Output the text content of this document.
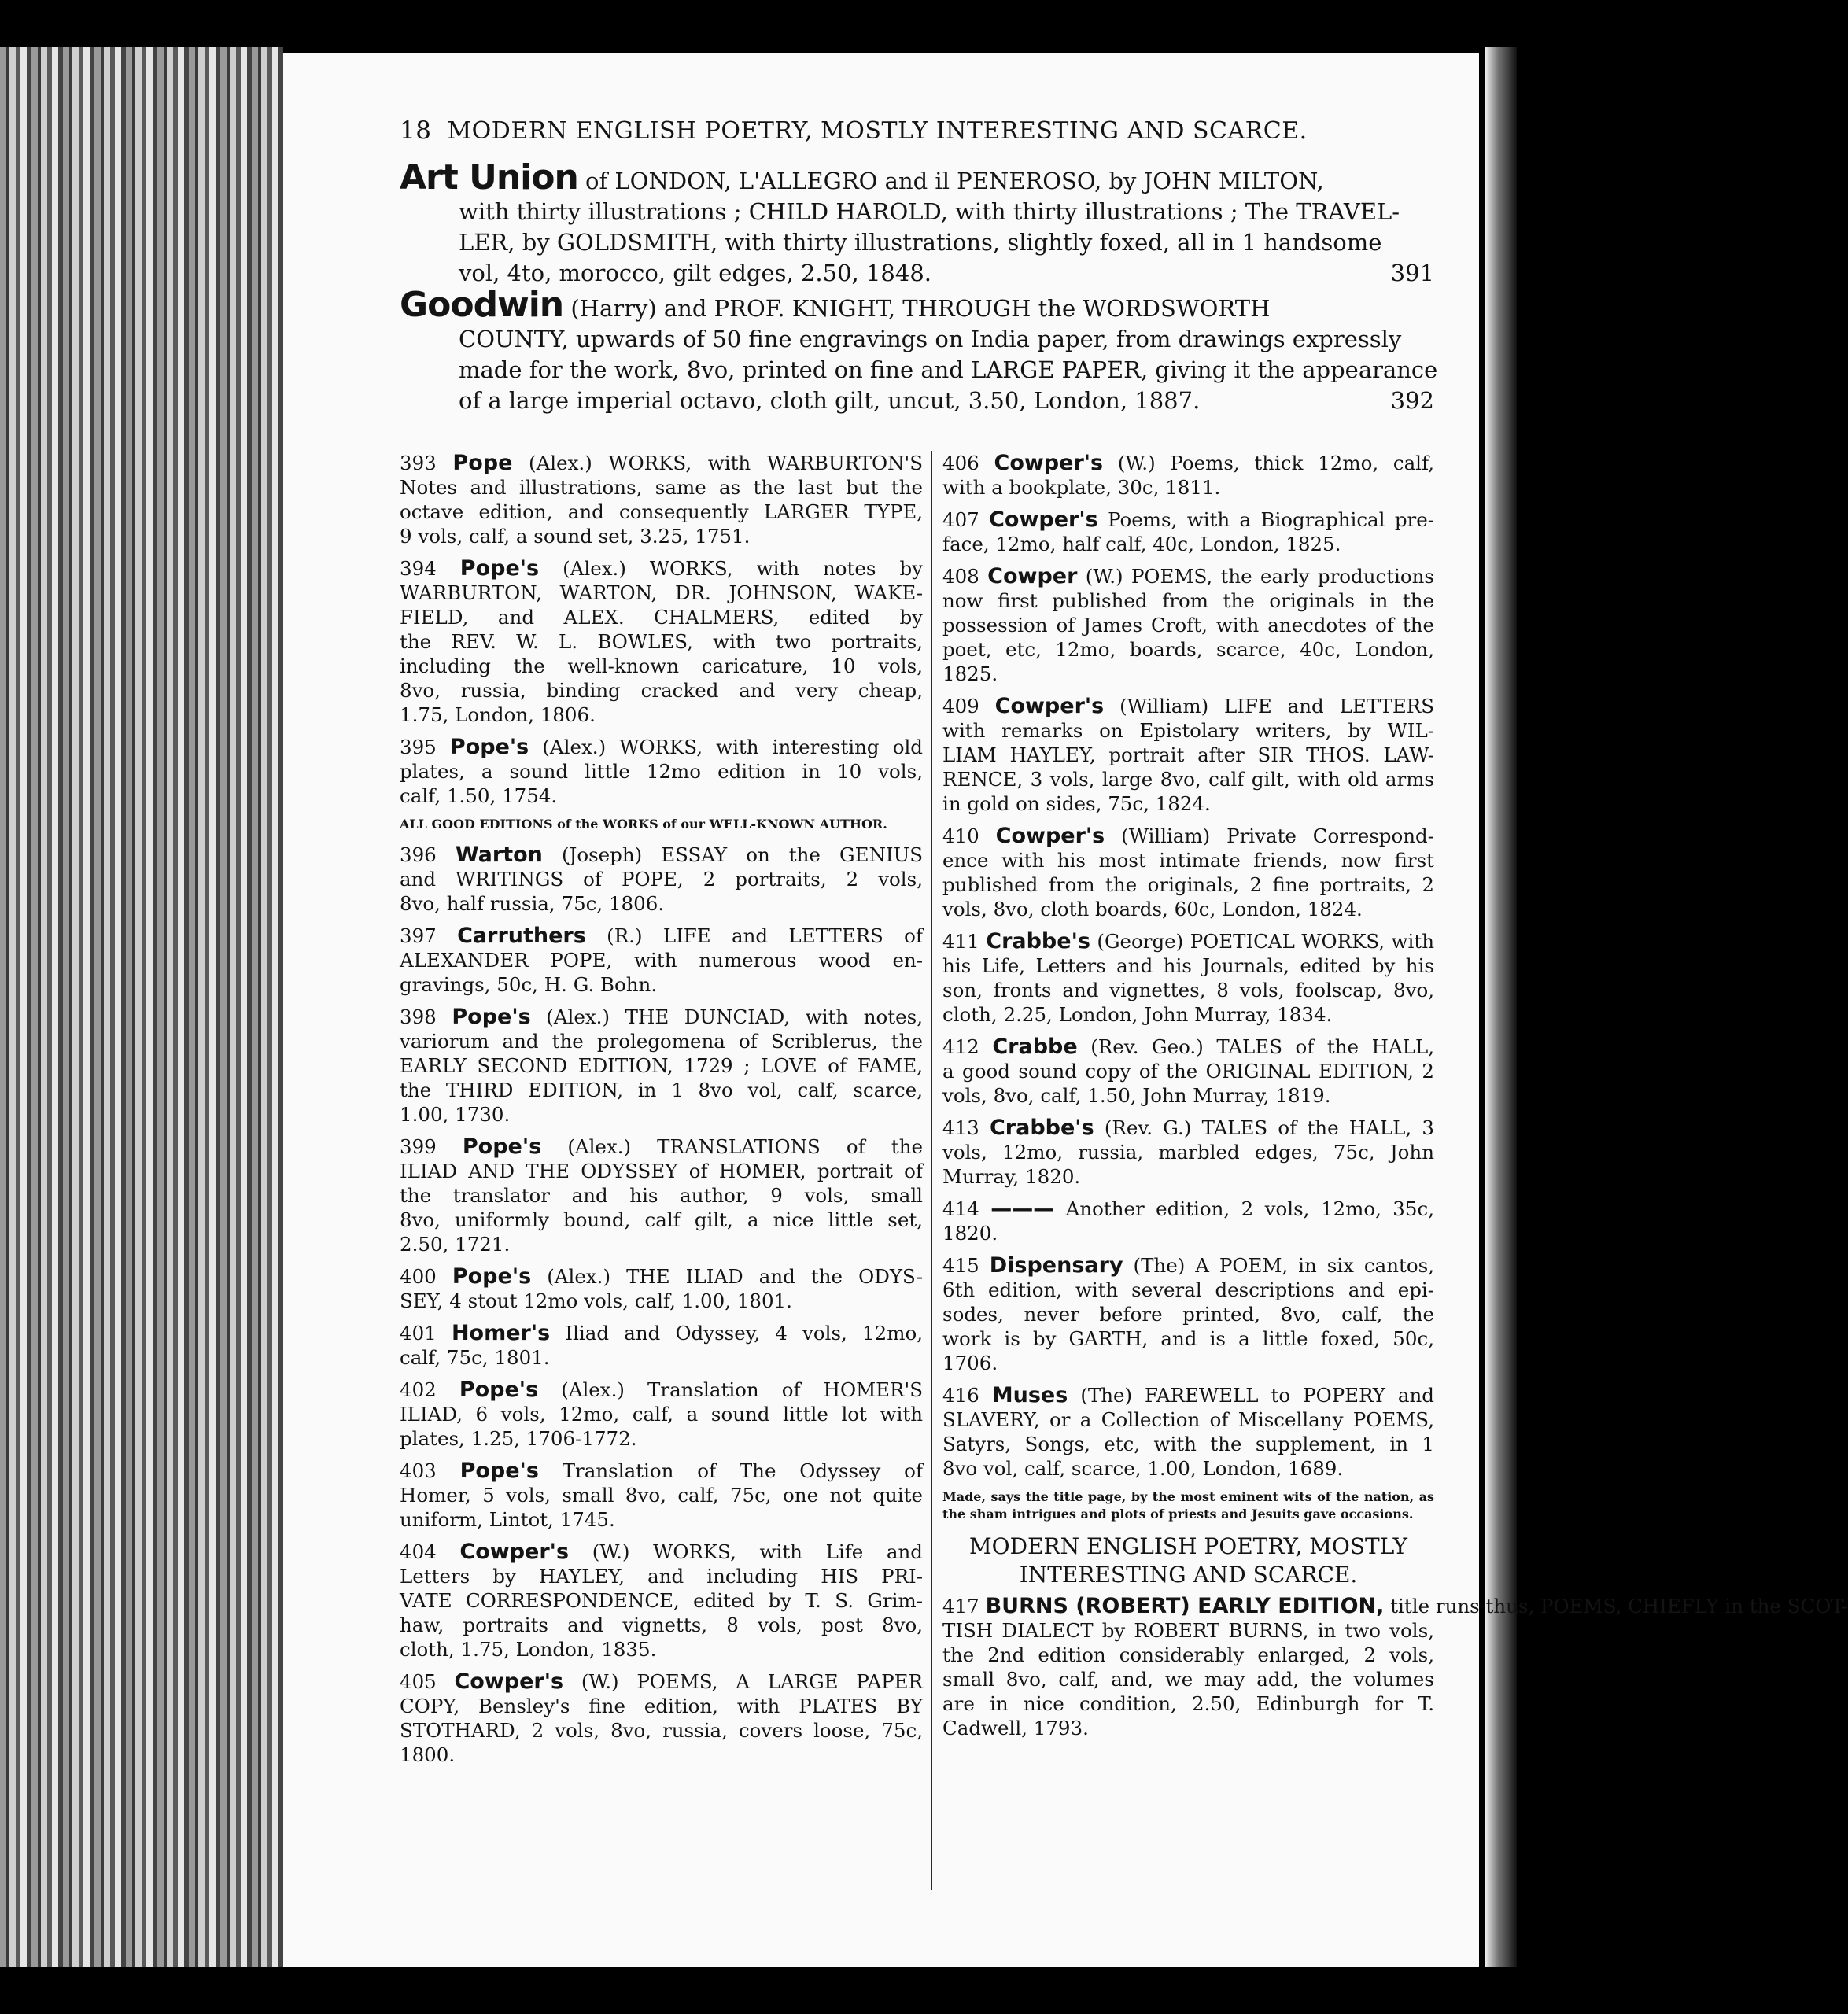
18 MODERN ENGLISH POETRY, MOSTLY INTERESTING AND SCARCE.
Art Union of LONDON, L'ALLEGRO and il PENEROSO, by JOHN MILTON,
with thirty illustrations ; CHILD HAROLD, with thirty illustrations ; The TRAVEL-
LER, by GOLDSMITH, with thirty illustrations, slightly foxed, all in 1 handsome
vol, 4to, morocco, gilt edges, 2.50, 1848.	391
Goodwin (Harry) and PROF. KNIGHT, THROUGH the WORDSWORTH
COUNTY, upwards of 50 fine engravings on India paper, from drawings expressly
made for the work, 8vo, printed on fine and LARGE PAPER, giving it the appearance
of a large imperial octavo, cloth gilt, uncut, 3.50, London, 1887.	392
393 Pope (Alex.) WORKS, with WARBURTON'S
Notes and illustrations, same as the last but the
octave edition, and consequently LARGER TYPE,
9 vols, calf, a sound set, 3.25, 1751.
394 Pope's (Alex.) WORKS, with notes by
WARBURTON, WARTON, DR. JOHNSON, WAKE-
FIELD, and ALEX. CHALMERS, edited by
the REV. W. L. BOWLES, with two portraits,
including the well-known caricature, 10 vols,
8vo, russia, binding cracked and very cheap,
1.75, London, 1806.
395 Pope's (Alex.) WORKS, with interesting old
plates, a sound little 12mo edition in 10 vols,
calf, 1.50, 1754.
ALL GOOD EDITIONS of the WORKS of our WELL-KNOWN AUTHOR.
396 Warton (Joseph) ESSAY on the GENIUS
and WRITINGS of POPE, 2 portraits, 2 vols,
8vo, half russia, 75c, 1806.
397 Carruthers (R.) LIFE and LETTERS of
ALEXANDER POPE, with numerous wood en-
gravings, 50c, H. G. Bohn.
398 Pope's (Alex.) THE DUNCIAD, with notes,
variorum and the prolegomena of Scriblerus, the
EARLY SECOND EDITION, 1729 ; LOVE of FAME,
the THIRD EDITION, in 1 8vo vol, calf, scarce,
1.00, 1730.
399 Pope's (Alex.) TRANSLATIONS of the
ILIAD AND THE ODYSSEY of HOMER, portrait of
the translator and his author, 9 vols, small
8vo, uniformly bound, calf gilt, a nice little set,
2.50, 1721.
400 Pope's (Alex.) THE ILIAD and the ODYS-
SEY, 4 stout 12mo vols, calf, 1.00, 1801.
401 Homer's Iliad and Odyssey, 4 vols, 12mo,
calf, 75c, 1801.
402 Pope's (Alex.) Translation of HOMER'S
ILIAD, 6 vols, 12mo, calf, a sound little lot with
plates, 1.25, 1706-1772.
403 Pope's Translation of The Odyssey of
Homer, 5 vols, small 8vo, calf, 75c, one not quite
uniform, Lintot, 1745.
404 Cowper's (W.) WORKS, with Life and
Letters by HAYLEY, and including HIS PRI-
VATE CORRESPONDENCE, edited by T. S. Grim-
haw, portraits and vignetts, 8 vols, post 8vo,
cloth, 1.75, London, 1835.
405 Cowper's (W.) POEMS, A LARGE PAPER
COPY, Bensley's fine edition, with PLATES BY
STOTHARD, 2 vols, 8vo, russia, covers loose, 75c,
1800.
406 Cowper's (W.) Poems, thick 12mo, calf,
with a bookplate, 30c, 1811.
407 Cowper's Poems, with a Biographical pre-
face, 12mo, half calf, 40c, London, 1825.
408 Cowper (W.) POEMS, the early productions
now first published from the originals in the
possession of James Croft, with anecdotes of the
poet, etc, 12mo, boards, scarce, 40c, London,
1825.
409 Cowper's (William) LIFE and LETTERS
with remarks on Epistolary writers, by WIL-
LIAM HAYLEY, portrait after SIR THOS. LAW-
RENCE, 3 vols, large 8vo, calf gilt, with old arms
in gold on sides, 75c, 1824.
410 Cowper's (William) Private Correspond-
ence with his most intimate friends, now first
published from the originals, 2 fine portraits, 2
vols, 8vo, cloth boards, 60c, London, 1824.
411 Crabbe's (George) POETICAL WORKS, with
his Life, Letters and his Journals, edited by his
son, fronts and vignettes, 8 vols, foolscap, 8vo,
cloth, 2.25, London, John Murray, 1834.
412 Crabbe (Rev. Geo.) TALES of the HALL,
a good sound copy of the ORIGINAL EDITION, 2
vols, 8vo, calf, 1.50, John Murray, 1819.
413 Crabbe's (Rev. G.) TALES of the HALL, 3
vols, 12mo, russia, marbled edges, 75c, John
Murray, 1820.
414 ——— Another edition, 2 vols, 12mo, 35c,
1820.
415 Dispensary (The) A POEM, in six cantos,
6th edition, with several descriptions and epi-
sodes, never before printed, 8vo, calf, the
work is by GARTH, and is a little foxed, 50c,
1706.
416 Muses (The) FAREWELL to POPERY and
SLAVERY, or a Collection of Miscellany POEMS,
Satyrs, Songs, etc, with the supplement, in 1
8vo vol, calf, scarce, 1.00, London, 1689.
Made, says the title page, by the most eminent wits of the nation, as the sham intrigues and plots of priests and Jesuits gave occasions.
MODERN ENGLISH POETRY, MOSTLY
INTERESTING AND SCARCE.
417 BURNS (ROBERT) EARLY EDITION, title runs thus, POEMS, CHIEFLY in the SCOT-
TISH DIALECT by ROBERT BURNS, in two vols,
the 2nd edition considerably enlarged, 2 vols,
small 8vo, calf, and, we may add, the volumes
are in nice condition, 2.50, Edinburgh for T.
Cadwell, 1793.
